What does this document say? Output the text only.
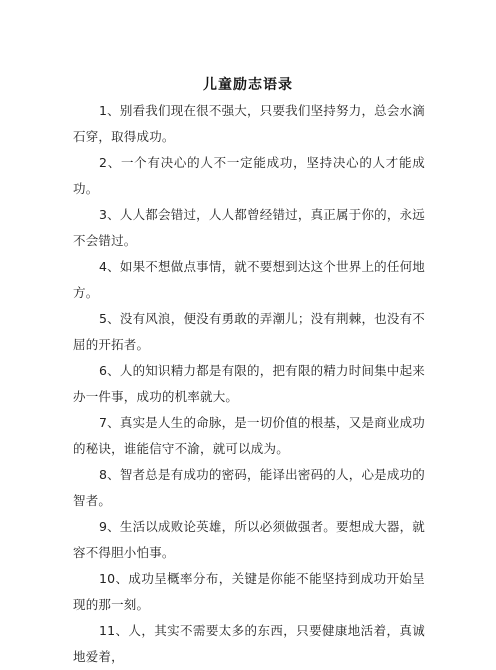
儿童励志语录

1、别看我们现在很不强大，只要我们坚持努力，总会水滴石穿，取得成功。

2、一个有决心的人不一定能成功，坚持决心的人才能成功。

3、人人都会错过，人人都曾经错过，真正属于你的，永远不会错过。

4、如果不想做点事情，就不要想到达这个世界上的任何地方。

5、没有风浪，便没有勇敢的弄潮儿；没有荆棘，也没有不屈的开拓者。

6、人的知识精力都是有限的，把有限的精力时间集中起来办一件事，成功的机率就大。

7、真实是人生的命脉，是一切价值的根基，又是商业成功的秘诀，谁能信守不渝，就可以成为。

8、智者总是有成功的密码，能译出密码的人，心是成功的智者。

9、生活以成败论英雄，所以必须做强者。要想成大器，就容不得胆小怕事。

10、成功呈概率分布，关键是你能不能坚持到成功开始呈现的那一刻。

11、人，其实不需要太多的东西，只要健康地活着，真诚地爱着，
